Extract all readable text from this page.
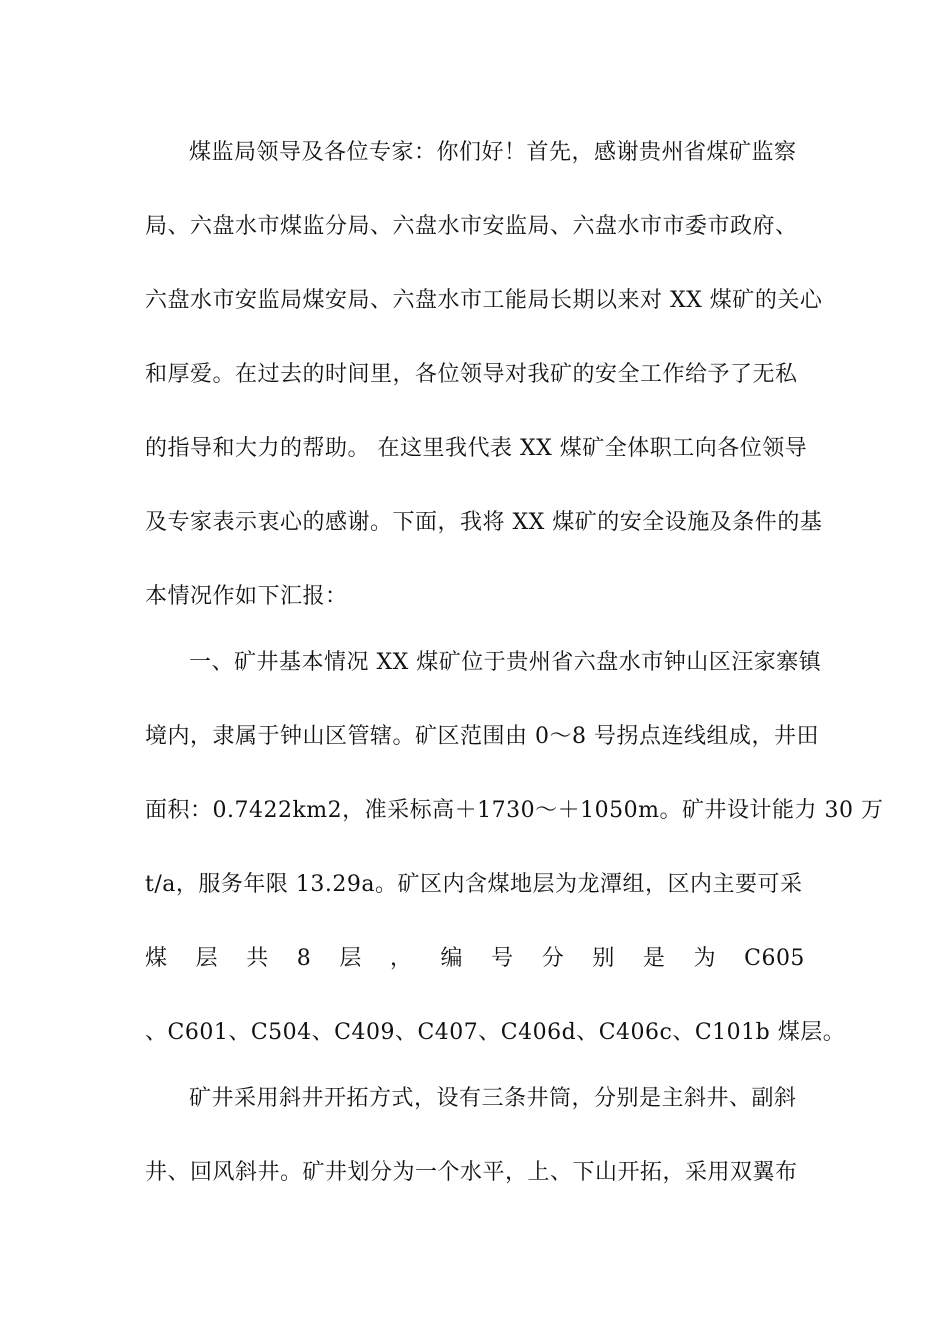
煤监局领导及各位专家：你们好！首先，感谢贵州省煤矿监察
局、六盘水市煤监分局、六盘水市安监局、六盘水市市委市政府、
六盘水市安监局煤安局、六盘水市工能局长期以来对 XX 煤矿的关心
和厚爱。在过去的时间里，各位领导对我矿的安全工作给予了无私
的指导和大力的帮助。 在这里我代表 XX 煤矿全体职工向各位领导
及专家表示衷心的感谢。下面，我将 XX 煤矿的安全设施及条件的基
本情况作如下汇报：
一、矿井基本情况 XX 煤矿位于贵州省六盘水市钟山区汪家寨镇
境内，隶属于钟山区管辖。矿区范围由 0～8 号拐点连线组成，井田
面积：0.7422km2，准采标高＋1730～＋1050m。矿井设计能力 30 万
t/a，服务年限 13.29a。矿区内含煤地层为龙潭组，区内主要可采
煤 层 共 8 层 ， 编 号 分 别 是 为 C605
、C601、C504、C409、C407、C406d、C406c、C101b 煤层。
矿井采用斜井开拓方式，设有三条井筒，分别是主斜井、副斜
井、回风斜井。矿井划分为一个水平，上、下山开拓，采用双翼布
